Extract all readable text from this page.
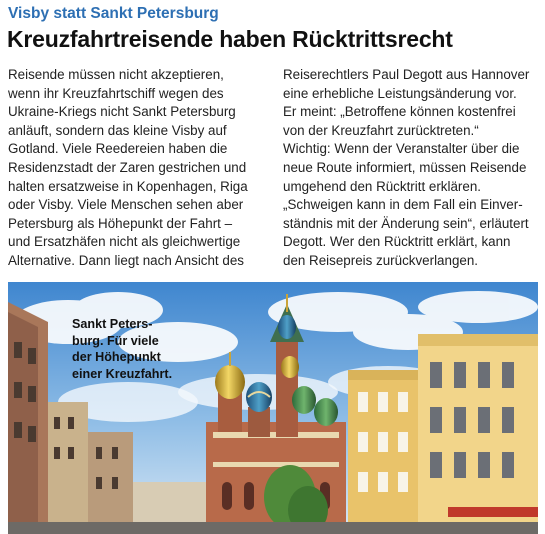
Visby statt Sankt Petersburg
Kreuzfahrtreisende haben Rücktrittsrecht

Reisende müssen nicht akzeptieren,

wenn ihr Kreuzfahrtschiff wegen des

Ukraine-Kriegs nicht Sankt Petersburg

anläuft, sondern das kleine Visby auf

Gotland. Viele Reedereien haben die

Residenzstadt der Zaren gestrichen und

halten ersatzweise in Kopenhagen, Riga

oder Visby. Viele Menschen sehen aber

Petersburg als Höhepunkt der Fahrt –

und Ersatzhäfen nicht als gleichwertige

Alternative. Dann liegt nach Ansicht des

Reiserechtlers Paul Degott aus Hannover

eine erhebliche Leistungsänderung vor.

Er meint: „Betroffene können kostenfrei

von der Kreuzfahrt zurücktreten.“

Wichtig: Wenn der Veranstalter über die

neue Route informiert, müssen Reisende

umgehend den Rücktritt erklären.

„Schweigen kann in dem Fall ein Einver-

ständnis mit der Änderung sein“, erläutert

Degott. Wer den Rücktritt erklärt, kann

den Reisepreis zurückverlangen.

Sankt Peters-
burg. Für viele
der Höhepunkt
einer Kreuzfahrt.
